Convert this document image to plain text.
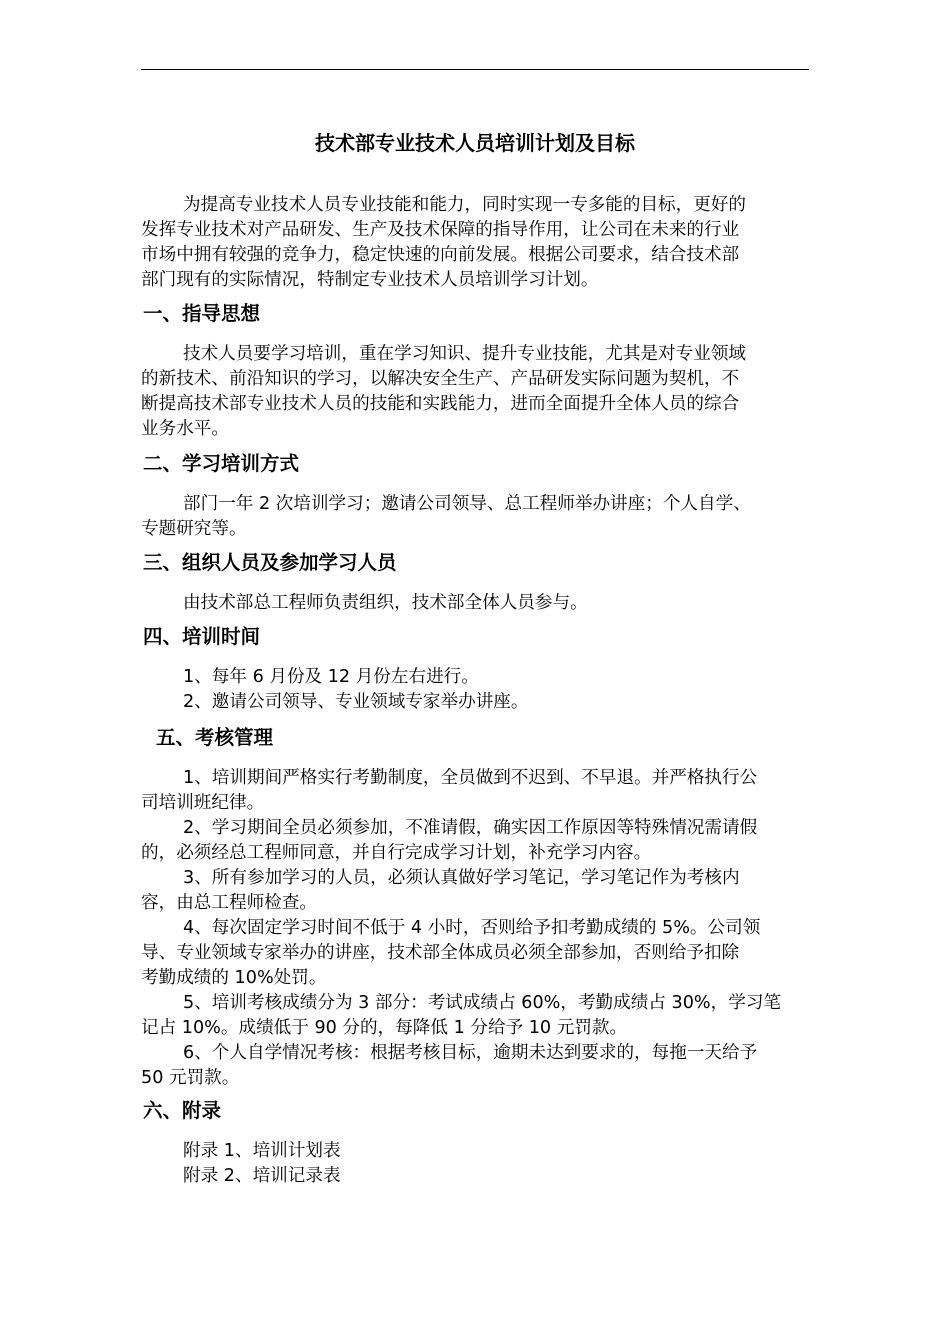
技术部专业技术人员培训计划及目标
为提高专业技术人员专业技能和能力，同时实现一专多能的目标，更好的
发挥专业技术对产品研发、生产及技术保障的指导作用，让公司在未来的行业
市场中拥有较强的竞争力，稳定快速的向前发展。根据公司要求，结合技术部
部门现有的实际情况，特制定专业技术人员培训学习计划。
一、指导思想
技术人员要学习培训，重在学习知识、提升专业技能，尤其是对专业领域
的新技术、前沿知识的学习，以解决安全生产、产品研发实际问题为契机，不
断提高技术部专业技术人员的技能和实践能力，进而全面提升全体人员的综合
业务水平。
二、学习培训方式
部门一年 2 次培训学习；邀请公司领导、总工程师举办讲座；个人自学、
专题研究等。
三、组织人员及参加学习人员
由技术部总工程师负责组织，技术部全体人员参与。
四、培训时间
1、每年 6 月份及 12 月份左右进行。
2、邀请公司领导、专业领域专家举办讲座。
五、考核管理
1、培训期间严格实行考勤制度，全员做到不迟到、不早退。并严格执行公
司培训班纪律。
2、学习期间全员必须参加，不准请假，确实因工作原因等特殊情况需请假
的，必须经总工程师同意，并自行完成学习计划，补充学习内容。
3、所有参加学习的人员，必须认真做好学习笔记，学习笔记作为考核内
容，由总工程师检查。
4、每次固定学习时间不低于 4 小时，否则给予扣考勤成绩的 5%。公司领
导、专业领域专家举办的讲座，技术部全体成员必须全部参加，否则给予扣除
考勤成绩的 10%处罚。
5、培训考核成绩分为 3 部分：考试成绩占 60%，考勤成绩占 30%，学习笔
记占 10%。成绩低于 90 分的，每降低 1 分给予 10 元罚款。
6、个人自学情况考核：根据考核目标，逾期未达到要求的，每拖一天给予
50 元罚款。
六、附录
附录 1、培训计划表
附录 2、培训记录表
